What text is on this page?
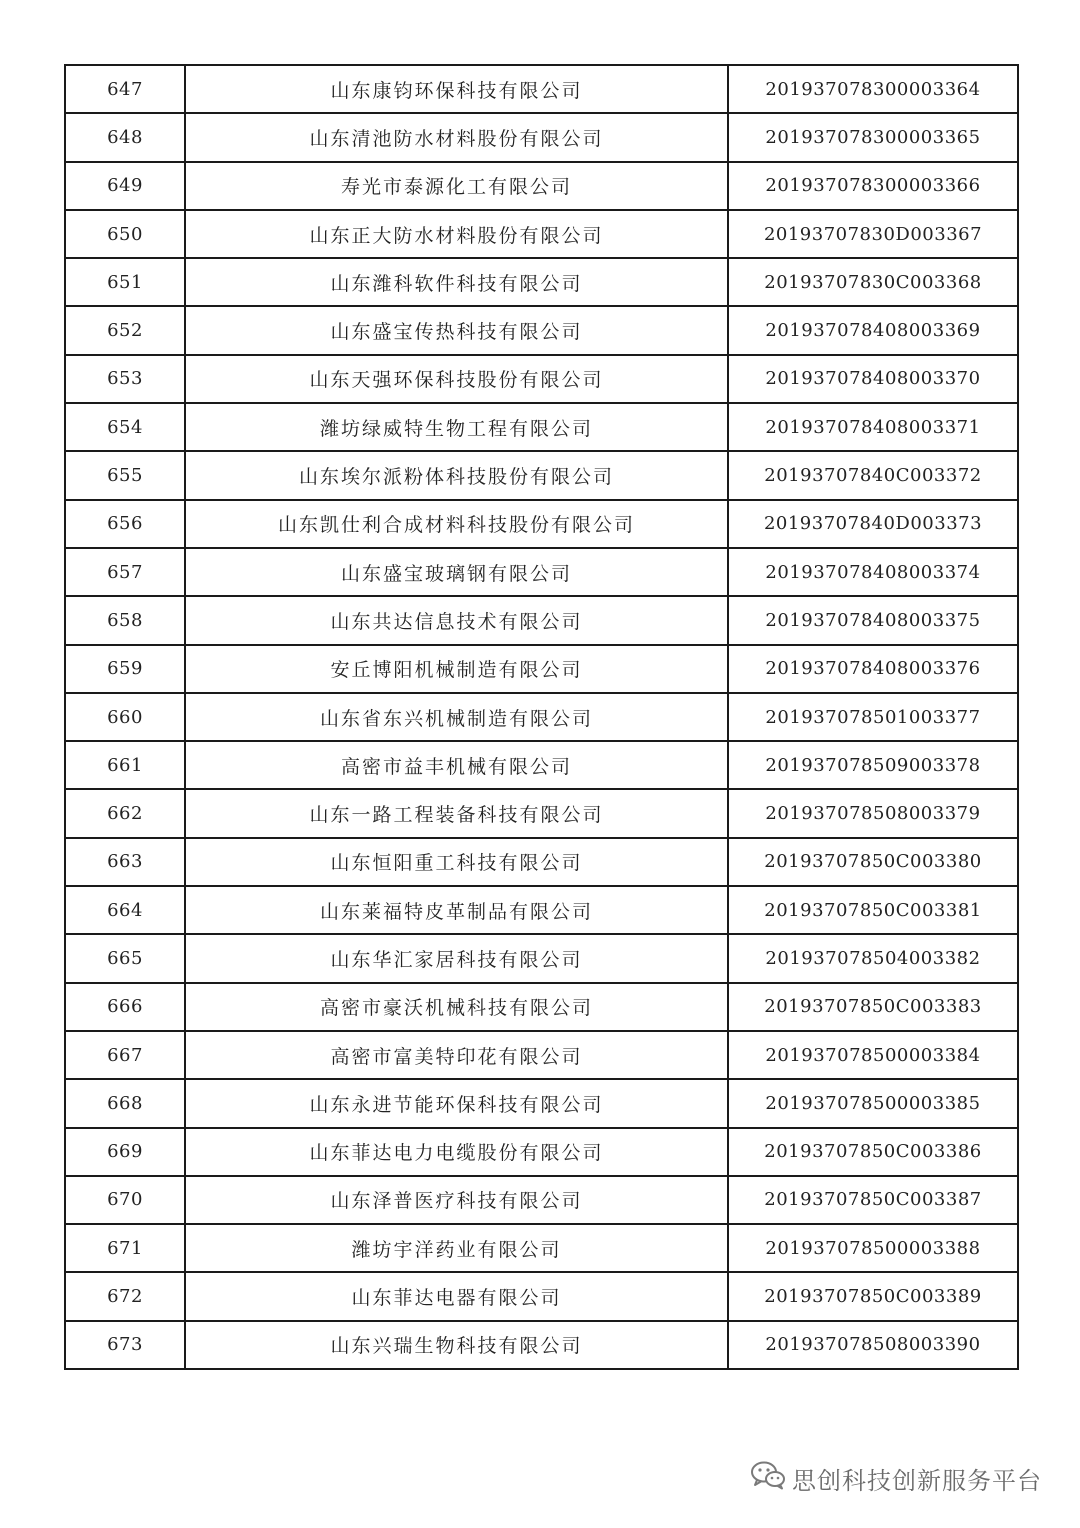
647	山东康钧环保科技有限公司	201937078300003364
648	山东清池防水材料股份有限公司	201937078300003365
649	寿光市泰源化工有限公司	201937078300003366
650	山东正大防水材料股份有限公司	20193707830D003367
651	山东潍科软件科技有限公司	20193707830C003368
652	山东盛宝传热科技有限公司	201937078408003369
653	山东天强环保科技股份有限公司	201937078408003370
654	潍坊绿威特生物工程有限公司	201937078408003371
655	山东埃尔派粉体科技股份有限公司	20193707840C003372
656	山东凯仕利合成材料科技股份有限公司	20193707840D003373
657	山东盛宝玻璃钢有限公司	201937078408003374
658	山东共达信息技术有限公司	201937078408003375
659	安丘博阳机械制造有限公司	201937078408003376
660	山东省东兴机械制造有限公司	201937078501003377
661	高密市益丰机械有限公司	201937078509003378
662	山东一路工程装备科技有限公司	201937078508003379
663	山东恒阳重工科技有限公司	20193707850C003380
664	山东莱福特皮革制品有限公司	20193707850C003381
665	山东华汇家居科技有限公司	201937078504003382
666	高密市豪沃机械科技有限公司	20193707850C003383
667	高密市富美特印花有限公司	201937078500003384
668	山东永进节能环保科技有限公司	201937078500003385
669	山东菲达电力电缆股份有限公司	20193707850C003386
670	山东泽普医疗科技有限公司	20193707850C003387
671	潍坊宇洋药业有限公司	201937078500003388
672	山东菲达电器有限公司	20193707850C003389
673	山东兴瑞生物科技有限公司	201937078508003390
思创科技创新服务平台
